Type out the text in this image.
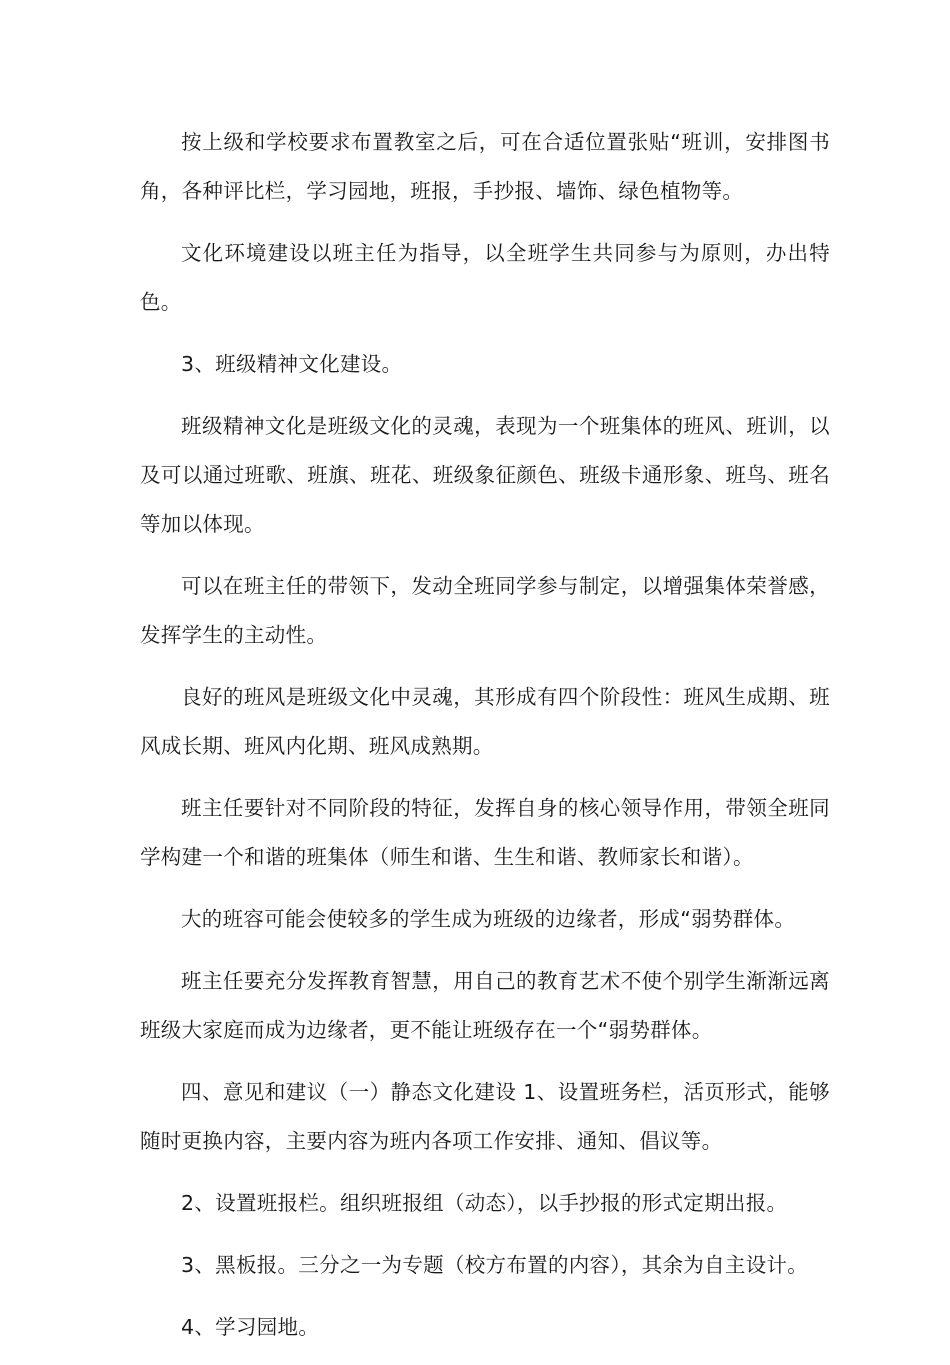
按上级和学校要求布置教室之后，可在合适位置张贴“班训，安排图书角，各种评比栏，学习园地，班报，手抄报、墙饰、绿色植物等。

文化环境建设以班主任为指导，以全班学生共同参与为原则，办出特色。

3、班级精神文化建设。

班级精神文化是班级文化的灵魂，表现为一个班集体的班风、班训，以及可以通过班歌、班旗、班花、班级象征颜色、班级卡通形象、班鸟、班名等加以体现。

可以在班主任的带领下，发动全班同学参与制定，以增强集体荣誉感，发挥学生的主动性。

良好的班风是班级文化中灵魂，其形成有四个阶段性：班风生成期、班风成长期、班风内化期、班风成熟期。

班主任要针对不同阶段的特征，发挥自身的核心领导作用，带领全班同学构建一个和谐的班集体（师生和谐、生生和谐、教师家长和谐）。

大的班容可能会使较多的学生成为班级的边缘者，形成“弱势群体。

班主任要充分发挥教育智慧，用自己的教育艺术不使个别学生渐渐远离班级大家庭而成为边缘者，更不能让班级存在一个“弱势群体。

四、意见和建议（一）静态文化建设 1、设置班务栏，活页形式，能够随时更换内容，主要内容为班内各项工作安排、通知、倡议等。

2、设置班报栏。组织班报组（动态），以手抄报的形式定期出报。

3、黑板报。三分之一为专题（校方布置的内容），其余为自主设计。

4、学习园地。
